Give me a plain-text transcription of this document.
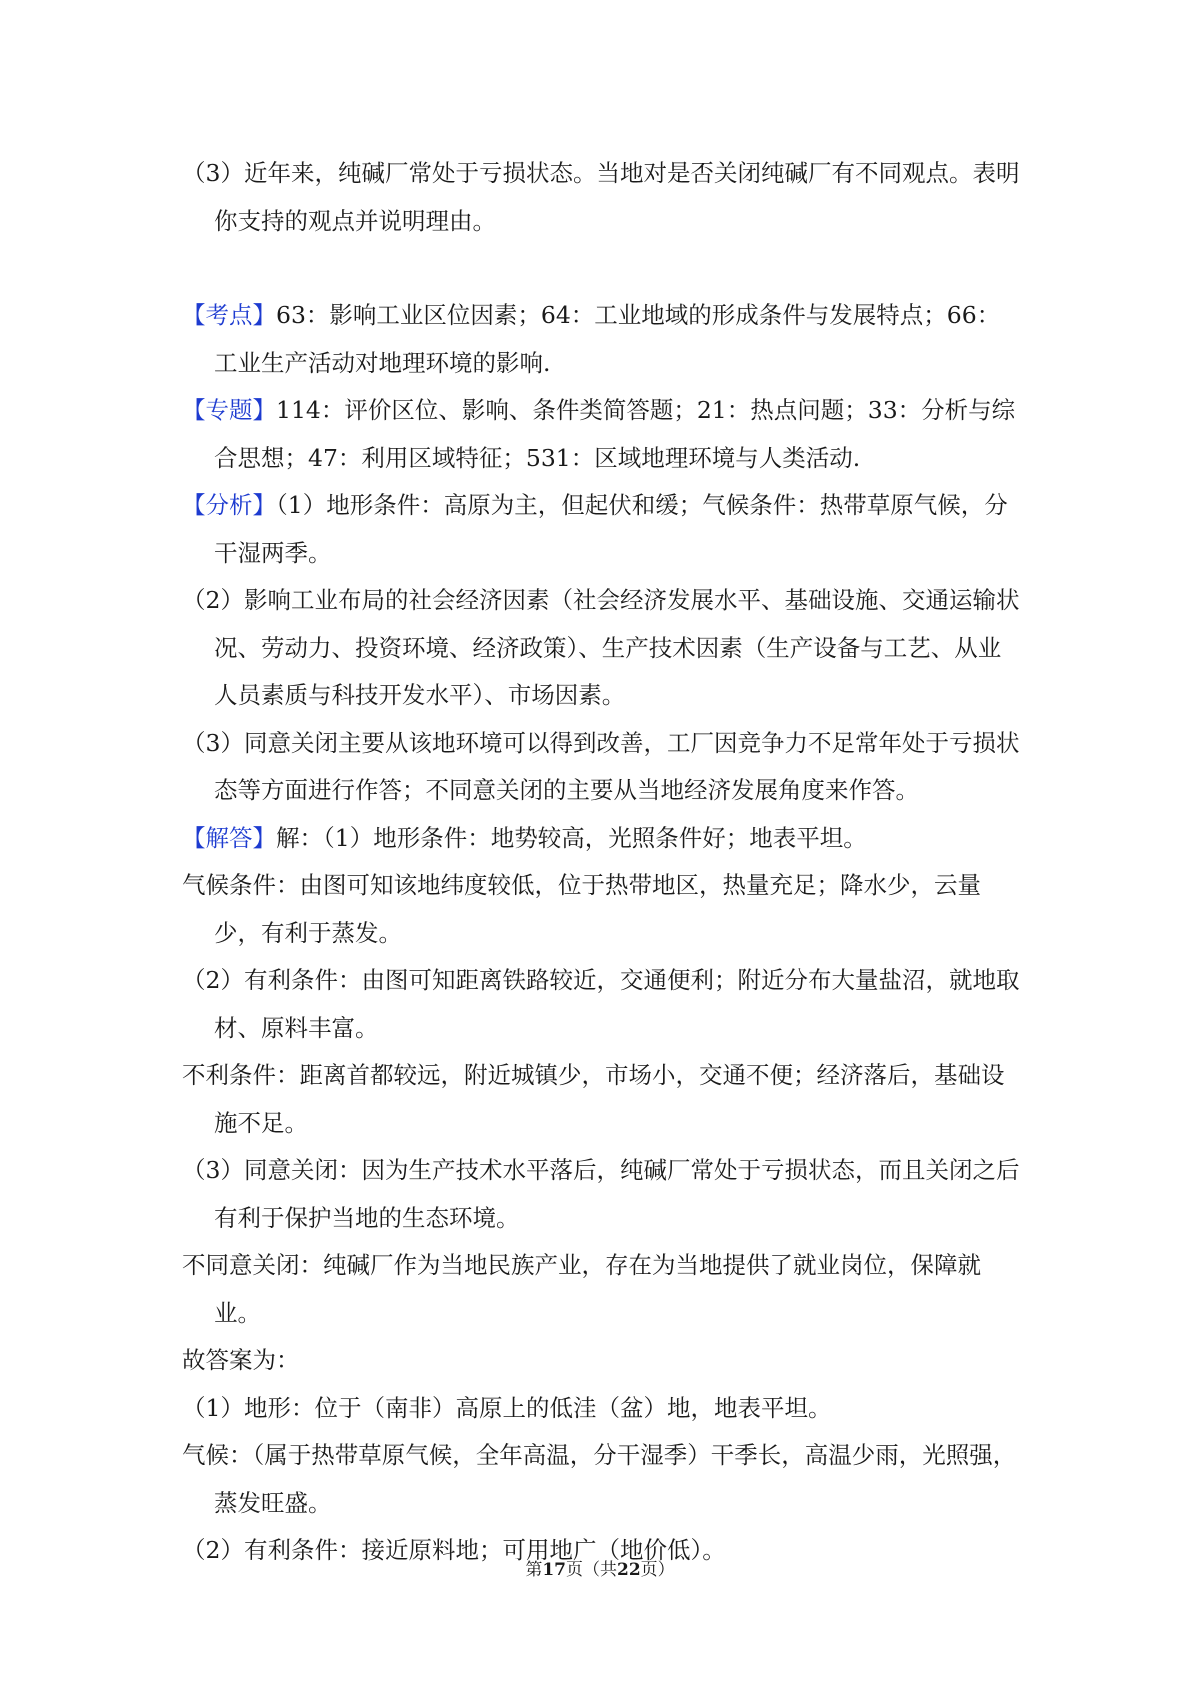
（3）近年来，纯碱厂常处于亏损状态。当地对是否关闭纯碱厂有不同观点。表明你支持的观点并说明理由。

【考点】63：影响工业区位因素；64：工业地域的形成条件与发展特点；66：工业生产活动对地理环境的影响.

【专题】114：评价区位、影响、条件类简答题；21：热点问题；33：分析与综合思想；47：利用区域特征；531：区域地理环境与人类活动.

【分析】（1）地形条件：高原为主，但起伏和缓；气候条件：热带草原气候，分干湿两季。

（2）影响工业布局的社会经济因素（社会经济发展水平、基础设施、交通运输状况、劳动力、投资环境、经济政策）、生产技术因素（生产设备与工艺、从业人员素质与科技开发水平）、市场因素。

（3）同意关闭主要从该地环境可以得到改善，工厂因竞争力不足常年处于亏损状态等方面进行作答；不同意关闭的主要从当地经济发展角度来作答。

【解答】解：（1）地形条件：地势较高，光照条件好；地表平坦。

气候条件：由图可知该地纬度较低，位于热带地区，热量充足；降水少，云量少，有利于蒸发。

（2）有利条件：由图可知距离铁路较近，交通便利；附近分布大量盐沼，就地取材、原料丰富。

不利条件：距离首都较远，附近城镇少，市场小，交通不便；经济落后，基础设施不足。

（3）同意关闭：因为生产技术水平落后，纯碱厂常处于亏损状态，而且关闭之后有利于保护当地的生态环境。

不同意关闭：纯碱厂作为当地民族产业，存在为当地提供了就业岗位，保障就业。

故答案为：

（1）地形：位于（南非）高原上的低洼（盆）地，地表平坦。

气候：（属于热带草原气候，全年高温，分干湿季）干季长，高温少雨，光照强，蒸发旺盛。

（2）有利条件：接近原料地；可用地广（地价低）。

第17页（共22页）
